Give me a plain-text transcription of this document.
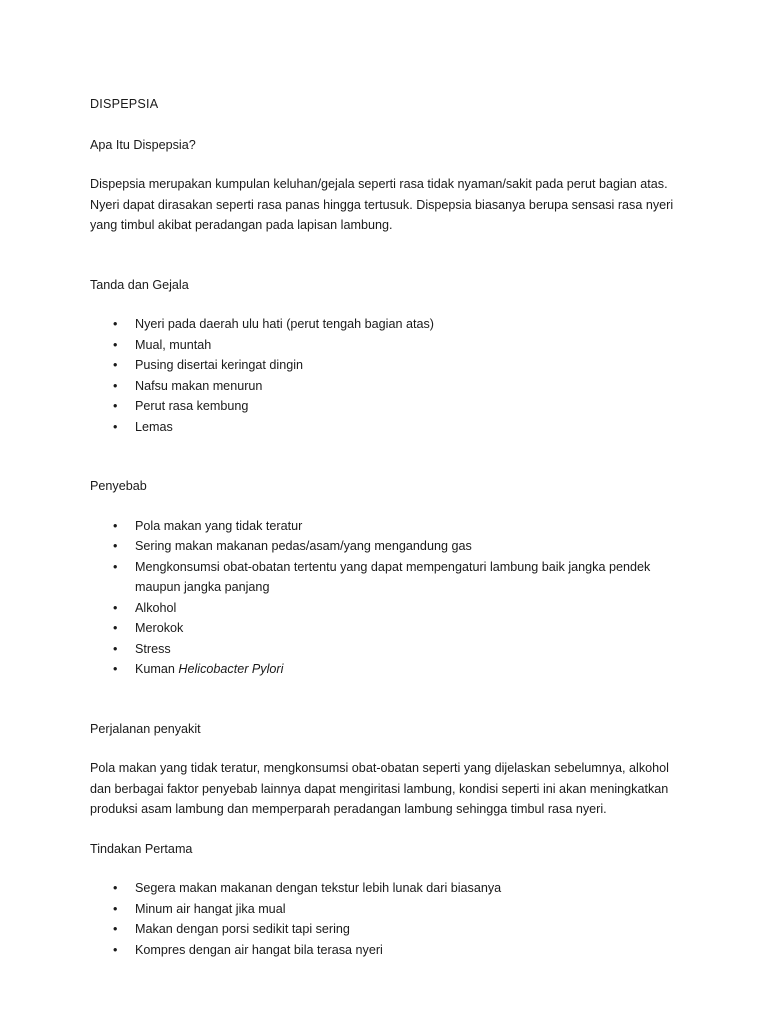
DISPEPSIA

Apa Itu Dispepsia?

Dispepsia merupakan kumpulan keluhan/gejala seperti rasa tidak nyaman/sakit pada perut bagian atas. Nyeri dapat dirasakan seperti rasa panas hingga tertusuk. Dispepsia biasanya berupa sensasi rasa nyeri yang timbul akibat peradangan pada lapisan lambung.

Tanda dan Gejala

• Nyeri pada daerah ulu hati (perut tengah bagian atas)
• Mual, muntah
• Pusing disertai keringat dingin
• Nafsu makan menurun
• Perut rasa kembung
• Lemas

Penyebab

• Pola makan yang tidak teratur
• Sering makan makanan pedas/asam/yang mengandung gas
• Mengkonsumsi obat-obatan tertentu yang dapat mempengaturi lambung baik jangka pendek maupun jangka panjang
• Alkohol
• Merokok
• Stress
• Kuman Helicobacter Pylori

Perjalanan penyakit

Pola makan yang tidak teratur, mengkonsumsi obat-obatan seperti yang dijelaskan sebelumnya, alkohol dan berbagai faktor penyebab lainnya dapat mengiritasi lambung, kondisi seperti ini akan meningkatkan produksi asam lambung dan memperparah peradangan lambung sehingga timbul rasa nyeri.

Tindakan Pertama

• Segera makan makanan dengan tekstur lebih lunak dari biasanya
• Minum air hangat jika mual
• Makan dengan porsi sedikit tapi sering
• Kompres dengan air hangat bila terasa nyeri
